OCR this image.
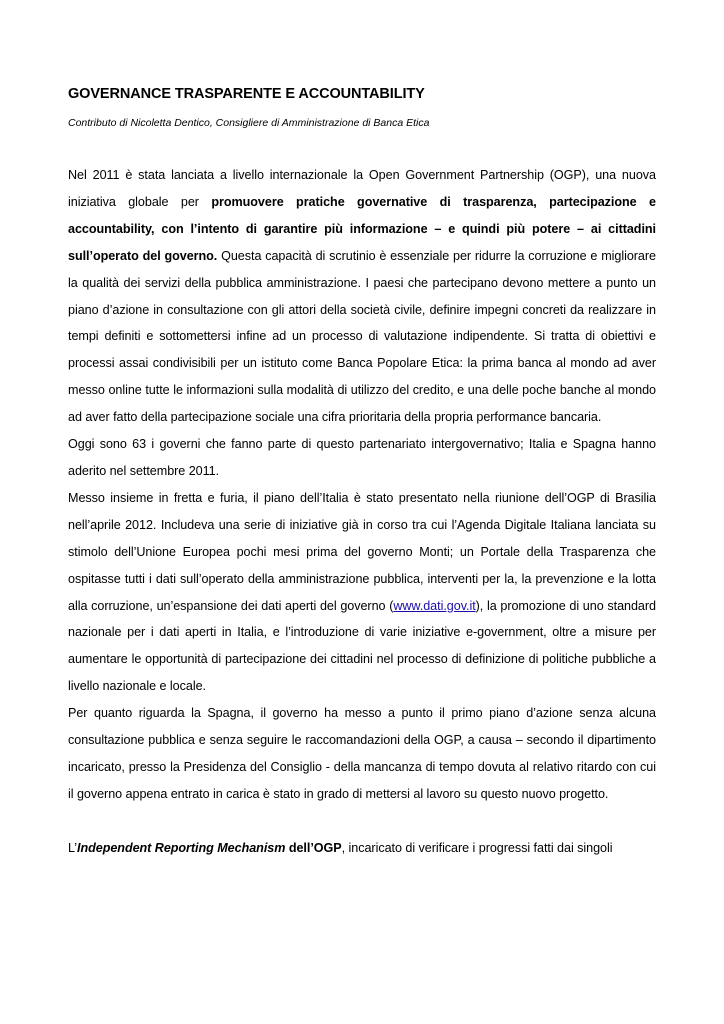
GOVERNANCE TRASPARENTE E ACCOUNTABILITY

Contributo di Nicoletta Dentico, Consigliere di Amministrazione di Banca Etica

Nel 2011 è stata lanciata a livello internazionale la Open Government Partnership (OGP), una nuova iniziativa globale per promuovere pratiche governative di trasparenza, partecipazione e accountability, con l’intento di garantire più informazione – e quindi più potere – ai cittadini sull’operato del governo. Questa capacità di scrutinio è essenziale per ridurre la corruzione e migliorare la qualità dei servizi della pubblica amministrazione. I paesi che partecipano devono mettere a punto un piano d’azione in consultazione con gli attori della società civile, definire impegni concreti da realizzare in tempi definiti e sottomettersi infine ad un processo di valutazione indipendente. Si tratta di obiettivi e processi assai condivisibili per un istituto come Banca Popolare Etica: la prima banca al mondo ad aver messo online tutte le informazioni sulla modalità di utilizzo del credito, e una delle poche banche al mondo ad aver fatto della partecipazione sociale una cifra prioritaria della propria performance bancaria.

Oggi sono 63 i governi che fanno parte di questo partenariato intergovernativo; Italia e Spagna hanno aderito nel settembre 2011.

Messo insieme in fretta e furia, il piano dell’Italia è stato presentato nella riunione dell’OGP di Brasilia nell’aprile 2012. Includeva una serie di iniziative già in corso tra cui l’Agenda Digitale Italiana lanciata su stimolo dell’Unione Europea pochi mesi prima del governo Monti; un Portale della Trasparenza che ospitasse tutti i dati sull’operato della amministrazione pubblica, interventi per la, la prevenzione e la lotta alla corruzione, un’espansione dei dati aperti del governo (www.dati.gov.it), la promozione di uno standard nazionale per i dati aperti in Italia, e l’introduzione di varie iniziative e-government, oltre a misure per aumentare le opportunità di partecipazione dei cittadini nel processo di definizione di politiche pubbliche a livello nazionale e locale.

Per quanto riguarda la Spagna, il governo ha messo a punto il primo piano d’azione senza alcuna consultazione pubblica e senza seguire le raccomandazioni della OGP, a causa – secondo il dipartimento incaricato, presso la Presidenza del Consiglio - della mancanza di tempo dovuta al relativo ritardo con cui il governo appena entrato in carica è stato in grado di mettersi al lavoro su questo nuovo progetto.

L’Independent Reporting Mechanism dell’OGP, incaricato di verificare i progressi fatti dai singoli
